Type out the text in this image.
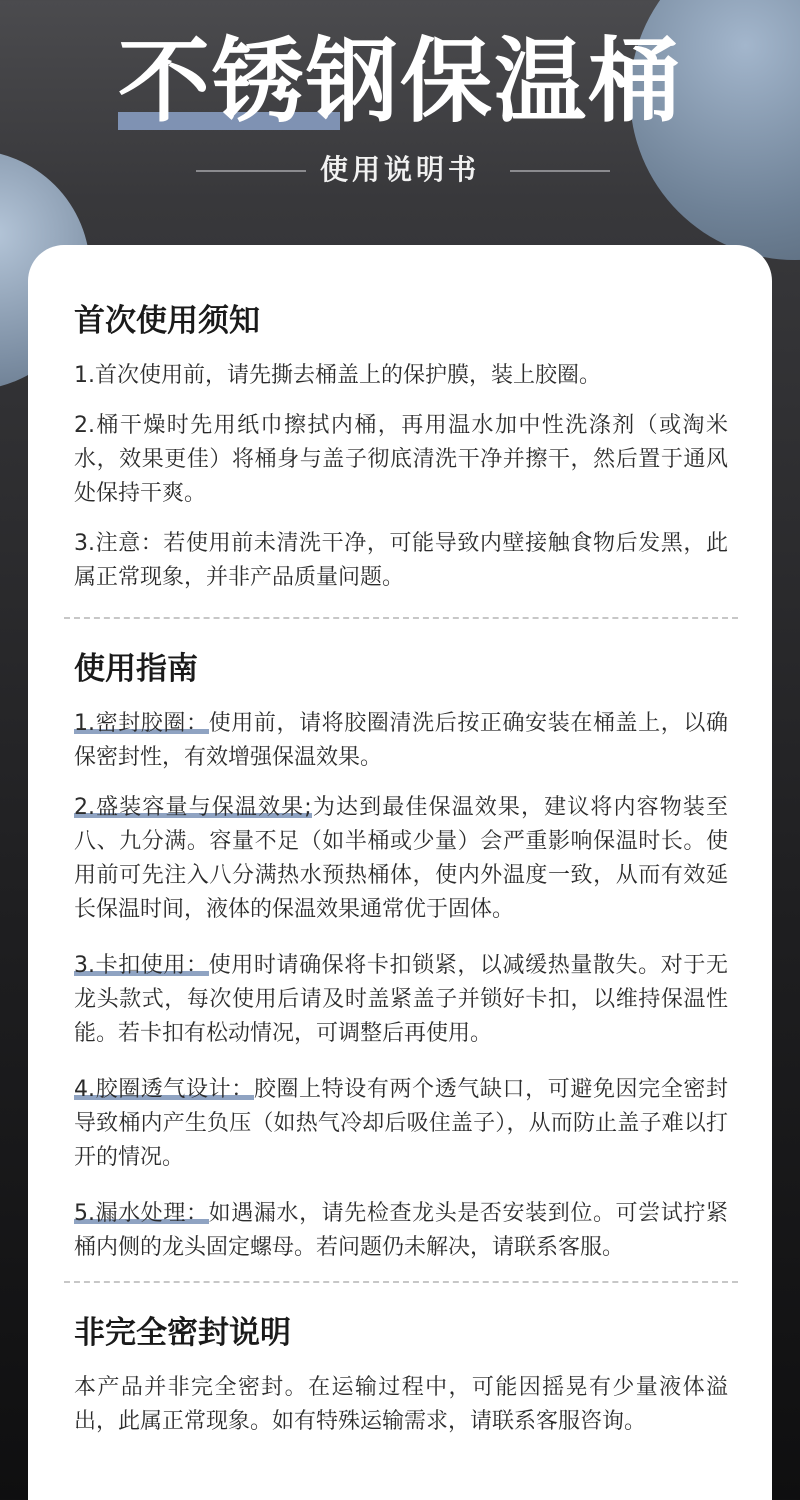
不锈钢保温桶
使用说明书
首次使用须知

1.首次使用前，请先撕去桶盖上的保护膜，装上胶圈。

2.桶干燥时先用纸巾擦拭内桶，再用温水加中性洗涤剂（或淘米水，效果更佳）将桶身与盖子彻底清洗干净并擦干，然后置于通风处保持干爽。

3.注意：若使用前未清洗干净，可能导致内壁接触食物后发黑，此属正常现象，并非产品质量问题。

使用指南

1.密封胶圈：使用前，请将胶圈清洗后按正确安装在桶盖上，以确保密封性，有效增强保温效果。

2.盛装容量与保温效果;为达到最佳保温效果，建议将内容物装至八、九分满。容量不足（如半桶或少量）会严重影响保温时长。使用前可先注入八分满热水预热桶体，使内外温度一致，从而有效延长保温时间，液体的保温效果通常优于固体。

3.卡扣使用：使用时请确保将卡扣锁紧，以减缓热量散失。对于无龙头款式，每次使用后请及时盖紧盖子并锁好卡扣，以维持保温性能。若卡扣有松动情况，可调整后再使用。

4.胶圈透气设计：胶圈上特设有两个透气缺口，可避免因完全密封导致桶内产生负压（如热气冷却后吸住盖子），从而防止盖子难以打开的情况。

5.漏水处理：如遇漏水，请先检查龙头是否安装到位。可尝试拧紧桶内侧的龙头固定螺母。若问题仍未解决，请联系客服。

非完全密封说明

本产品并非完全密封。在运输过程中，可能因摇晃有少量液体溢出，此属正常现象。如有特殊运输需求，请联系客服咨询。
